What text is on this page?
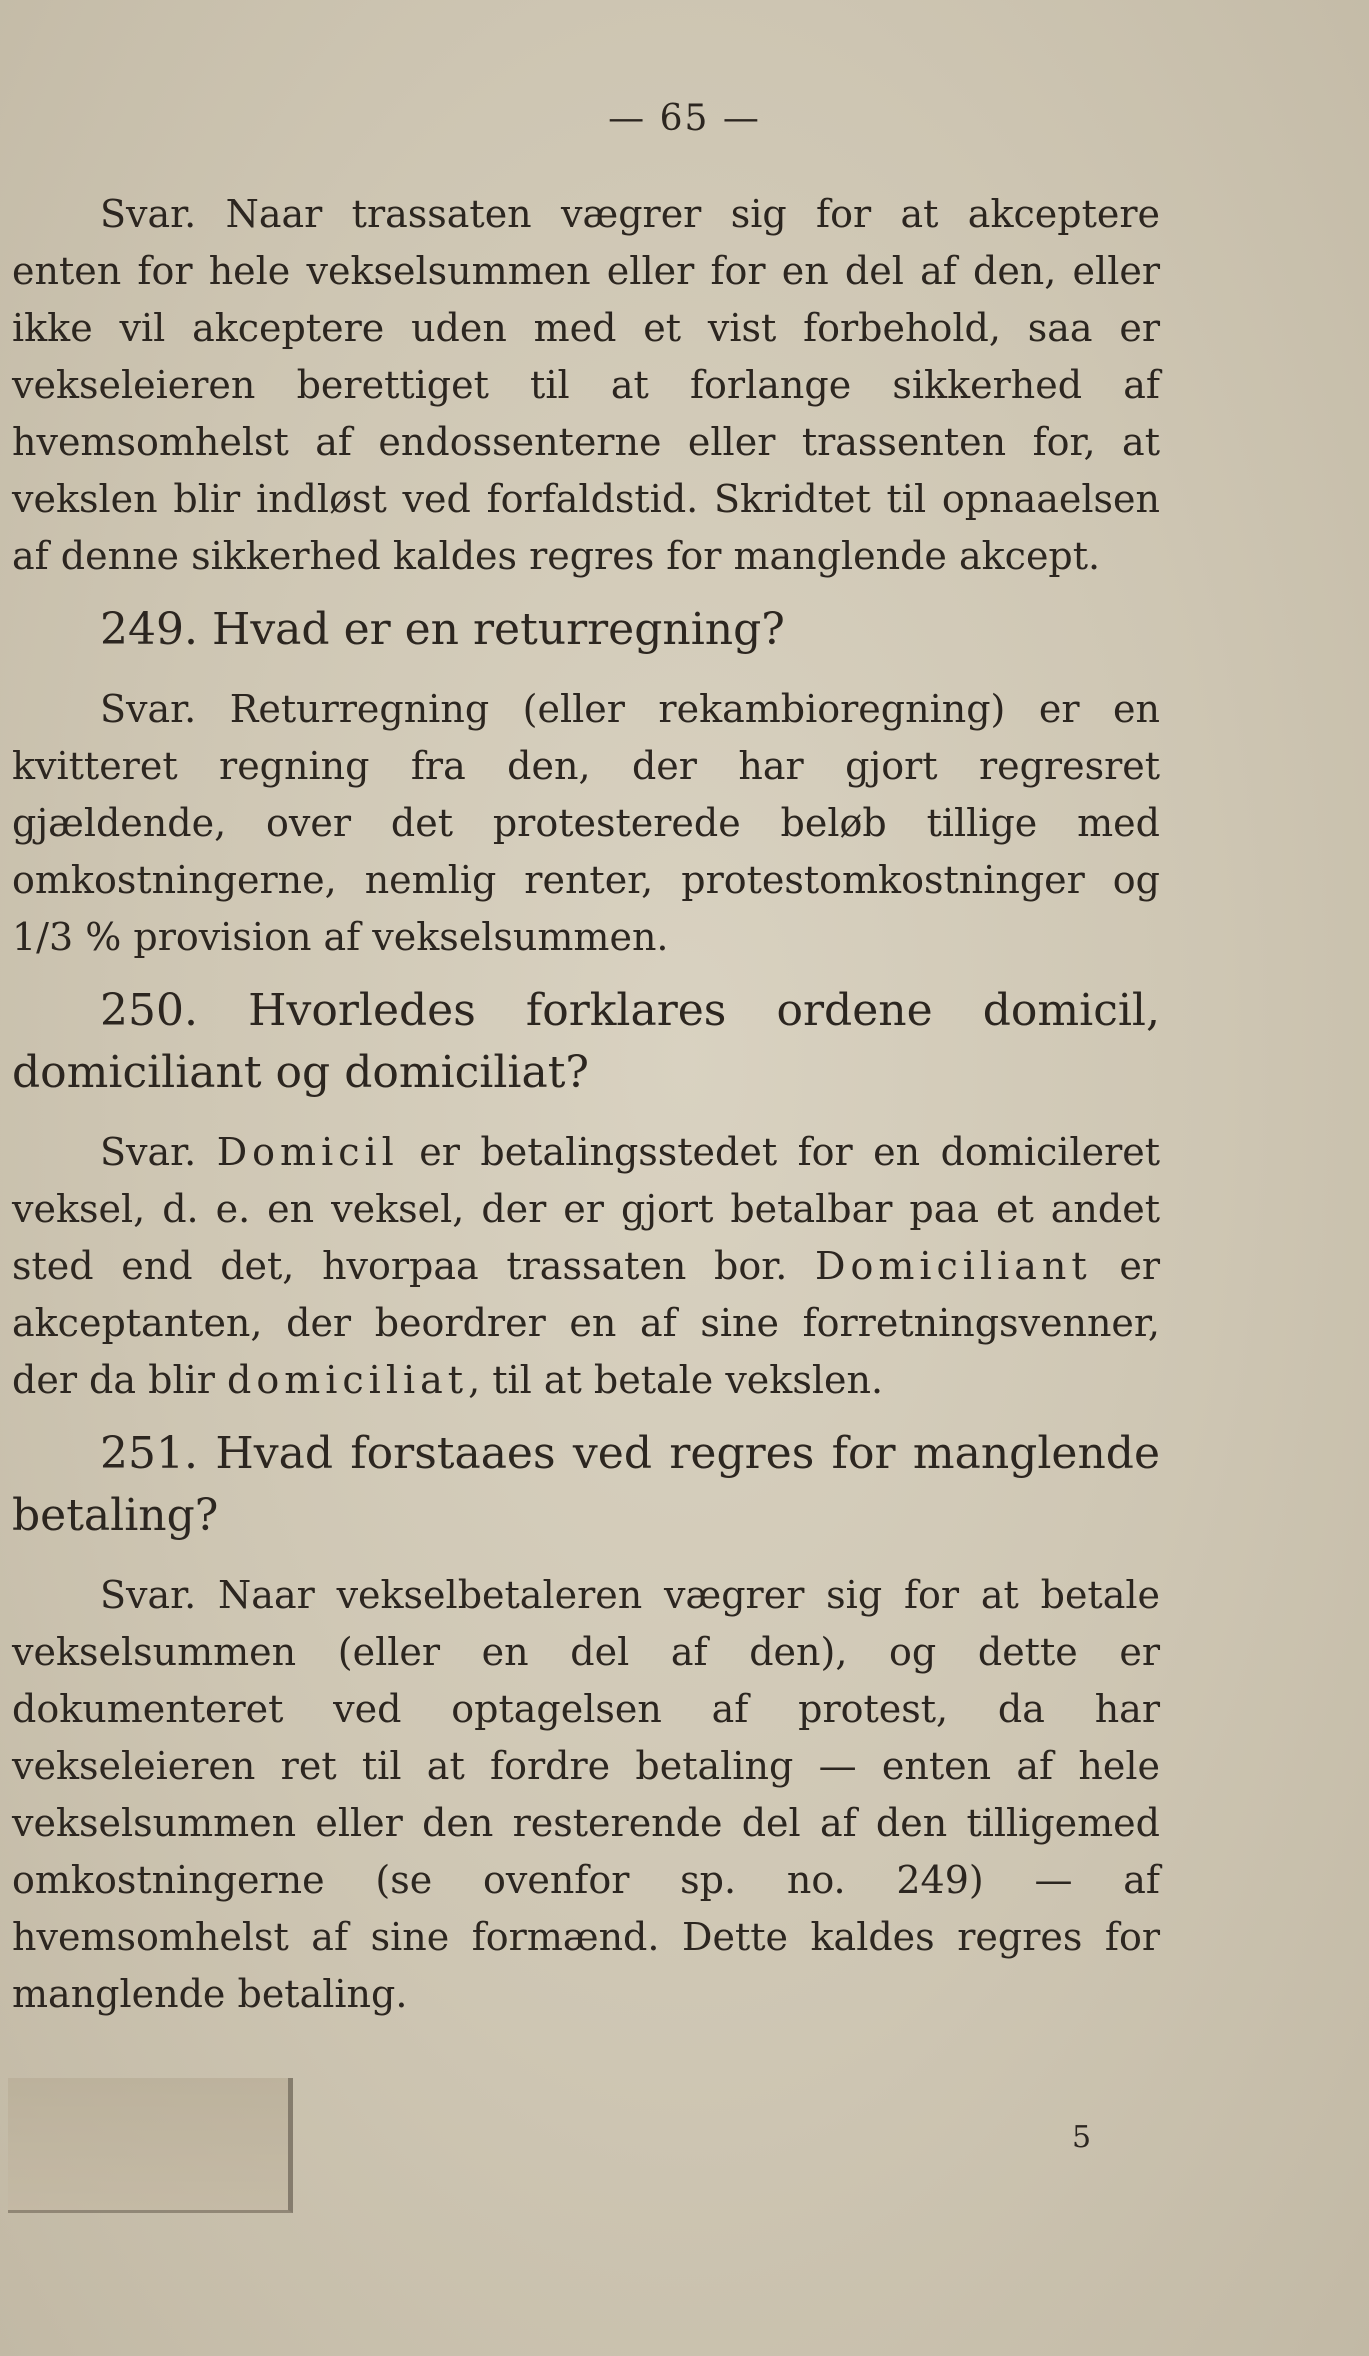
— 65 —

Svar. Naar trassaten vægrer sig for at akceptere enten for hele vekselsummen eller for en del af den, eller ikke vil akceptere uden med et vist forbehold, saa er vekseleieren berettiget til at forlange sikkerhed af hvemsomhelst af endossenterne eller trassenten for, at vekslen blir indløst ved forfaldstid. Skridtet til opnaaelsen af denne sikkerhed kaldes regres for manglende akcept.

249. Hvad er en returregning?

Svar. Returregning (eller rekambioregning) er en kvitteret regning fra den, der har gjort regresret gjældende, over det protesterede beløb tillige med omkostningerne, nemlig renter, protestomkostninger og 1/3 % provision af vekselsummen.

250. Hvorledes forklares ordene domicil, domiciliant og domiciliat?

Svar. Domicil er betalingsstedet for en domicileret veksel, d. e. en veksel, der er gjort betalbar paa et andet sted end det, hvorpaa trassaten bor. Domiciliant er akceptanten, der beordrer en af sine forretningsvenner, der da blir domiciliat, til at betale vekslen.

251. Hvad forstaaes ved regres for manglende betaling?

Svar. Naar vekselbetaleren vægrer sig for at betale vekselsummen (eller en del af den), og dette er dokumenteret ved optagelsen af protest, da har vekseleieren ret til at fordre betaling — enten af hele vekselsummen eller den resterende del af den tilligemed omkostningerne (se ovenfor sp. no. 249) — af hvemsomhelst af sine formænd. Dette kaldes regres for manglende betaling.

5
